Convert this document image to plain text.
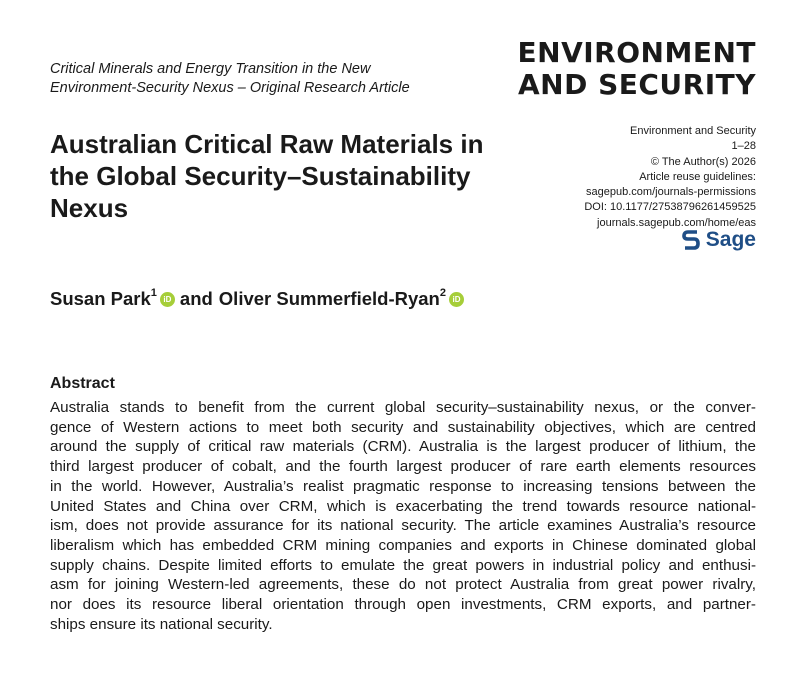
Critical Minerals and Energy Transition in the New
Environment-Security Nexus – Original Research Article
ENVIRONMENT
AND SECURITY
Australian Critical Raw Materials in
the Global Security–Sustainability
Nexus
Environment and Security
1–28
© The Author(s) 2026
Article reuse guidelines:
sagepub.com/journals-permissions
DOI: 10.1177/27538796261459525
journals.sagepub.com/home/eas
Sage
Susan Park$^1$ iD and Oliver Summerfield-Ryan$^2$ iD
Abstract
Australia stands to benefit from the current global security–sustainability nexus, or the conver-
gence of Western actions to meet both security and sustainability objectives, which are centred
around the supply of critical raw materials (CRM). Australia is the largest producer of lithium, the
third largest producer of cobalt, and the fourth largest producer of rare earth elements resources
in the world. However, Australia’s realist pragmatic response to increasing tensions between the
United States and China over CRM, which is exacerbating the trend towards resource national-
ism, does not provide assurance for its national security. The article examines Australia’s resource
liberalism which has embedded CRM mining companies and exports in Chinese dominated global
supply chains. Despite limited efforts to emulate the great powers in industrial policy and enthusi-
asm for joining Western-led agreements, these do not protect Australia from great power rivalry,
nor does its resource liberal orientation through open investments, CRM exports, and partner-
ships ensure its national security.
